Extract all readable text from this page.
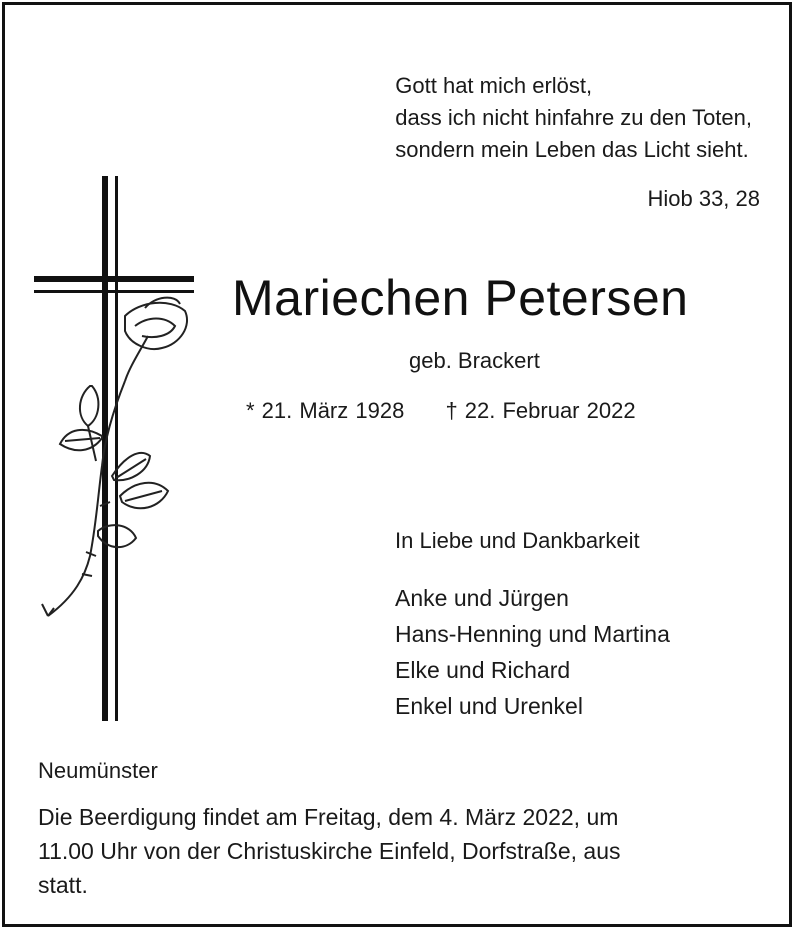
Gott hat mich erlöst,
dass ich nicht hinfahre zu den Toten,
sondern mein Leben das Licht sieht.
Hiob 33, 28
Mariechen Petersen
geb. Brackert
* 21. März 1928 † 22. Februar 2022
In Liebe und Dankbarkeit
Anke und Jürgen
Hans-Henning und Martina
Elke und Richard
Enkel und Urenkel
Neumünster
Die Beerdigung findet am Freitag, dem 4. März 2022, um
11.00 Uhr von der Christuskirche Einfeld, Dorfstraße, aus
statt.
